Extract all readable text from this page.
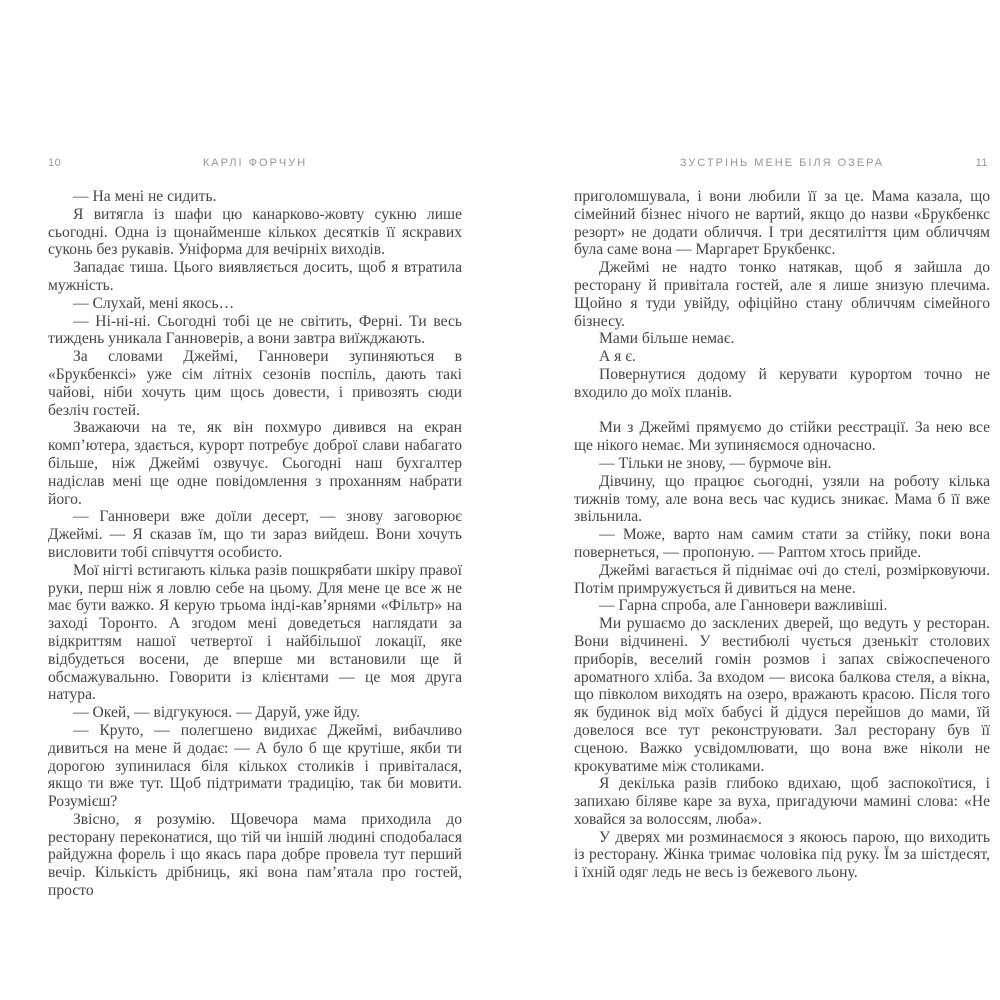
10	КАРЛІ ФОРЧУН

— На мені не сидить.

Я витягла із шафи цю канарково-жовту сукню лише сьогодні. Одна із щонайменше кількох десятків її яскравих суконь без рукавів. Уніформа для вечірніх виходів.

Западає тиша. Цього виявляється досить, щоб я втратила мужність.

— Слухай, мені якось…

— Ні-ні-ні. Сьогодні тобі це не світить, Ферні. Ти весь тиждень уникала Ганноверів, а вони завтра виїжджають.

За словами Джеймі, Ганновери зупиняються в «Брукбенксі» уже сім літніх сезонів поспіль, дають такі чайові, ніби хочуть цим щось довести, і привозять сюди безліч гостей.

Зважаючи на те, як він похмуро дивився на екран комп’ютера, здається, курорт потребує доброї слави набагато більше, ніж Джеймі озвучує. Сьогодні наш бухгалтер надіслав мені ще одне повідомлення з проханням набрати його.

— Ганновери вже доїли десерт, — знову заговорює Джеймі. — Я сказав їм, що ти зараз вийдеш. Вони хочуть висловити тобі співчуття особисто.

Мої нігті встигають кілька разів пошкрябати шкіру правої руки, перш ніж я ловлю себе на цьому. Для мене це все ж не має бути важко. Я керую трьома інді-кав’ярнями «Фільтр» на заході Торонто. А згодом мені доведеться наглядати за відкриттям нашої четвертої і найбільшої локації, яке відбудеться восени, де вперше ми встановили ще й обсмажувальню. Говорити із клієнтами — це моя друга натура.

— Окей, — відгукуюся. — Даруй, уже йду.

— Круто, — полегшено видихає Джеймі, вибачливо дивиться на мене й додає: — А було б ще крутіше, якби ти дорогою зупинилася біля кількох столиків і привіталася, якщо ти вже тут. Щоб підтримати традицію, так би мовити. Розумієш?

Звісно, я розумію. Щовечора мама приходила до ресторану переконатися, що тій чи іншій людині сподобалася райдужна форель і що якась пара добре провела тут перший вечір. Кількість дрібниць, які вона пам’ятала про гостей, просто

ЗУСТРІНЬ МЕНЕ БІЛЯ ОЗЕРА	11

приголомшувала, і вони любили її за це. Мама казала, що сімейний бізнес нічого не вартий, якщо до назви «Брукбенкс резорт» не додати обличчя. І три десятиліття цим обличчям була саме вона — Маргарет Брукбенкс.

Джеймі не надто тонко натякав, щоб я зайшла до ресторану й привітала гостей, але я лише знизую плечима. Щойно я туди увійду, офіційно стану обличчям сімейного бізнесу.

Мами більше немає.

А я є.

Повернутися додому й керувати курортом точно не входило до моїх планів.

Ми з Джеймі прямуємо до стійки реєстрації. За нею все ще нікого немає. Ми зупиняємося одночасно.

— Тільки не знову, — бурмоче він.

Дівчину, що працює сьогодні, узяли на роботу кілька тижнів тому, але вона весь час кудись зникає. Мама б її вже звільнила.

— Може, варто нам самим стати за стійку, поки вона повернеться, — пропоную. — Раптом хтось прийде.

Джеймі вагається й піднімає очі до стелі, розмірковуючи. Потім примружується й дивиться на мене.

— Гарна спроба, але Ганновери важливіші.

Ми рушаємо до засклених дверей, що ведуть у ресторан. Вони відчинені. У вестибюлі чується дзенькіт столових приборів, веселий гомін розмов і запах свіжоспеченого ароматного хліба. За входом — висока балкова стеля, а вікна, що півколом виходять на озеро, вражають красою. Після того як будинок від моїх бабусі й дідуся перейшов до мами, їй довелося все тут реконструювати. Зал ресторану був її сценою. Важко усвідомлювати, що вона вже ніколи не крокуватиме між столиками.

Я декілька разів глибоко вдихаю, щоб заспокоїтися, і запихаю біляве каре за вуха, пригадуючи мамині слова: «Не ховайся за волоссям, люба».

У дверях ми розминаємося з якоюсь парою, що виходить із ресторану. Жінка тримає чоловіка під руку. Їм за шістдесят, і їхній одяг ледь не весь із бежевого льону.
